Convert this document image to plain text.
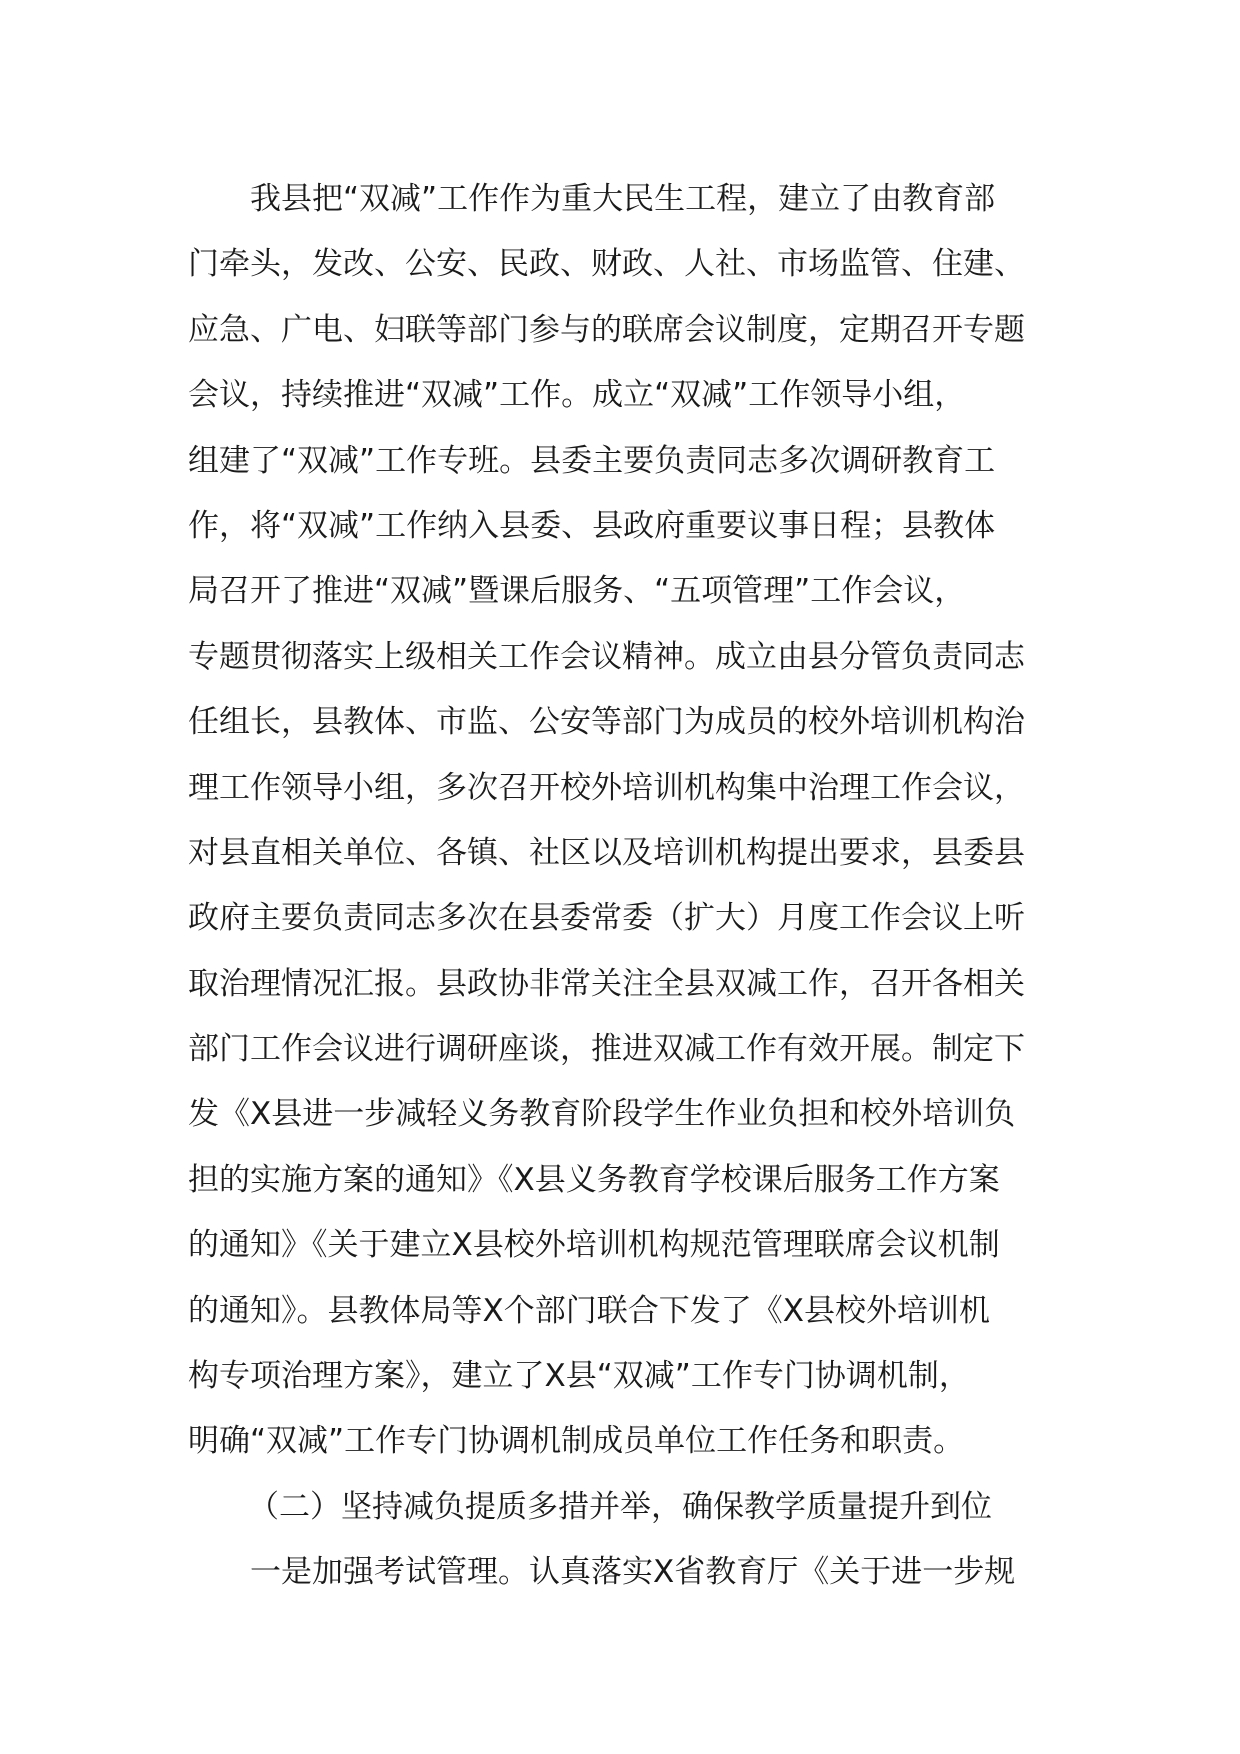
我县把“双减”工作作为重大民生工程，建立了由教育部
门牵头，发改、公安、民政、财政、人社、市场监管、住建、
应急、广电、妇联等部门参与的联席会议制度，定期召开专题
会议，持续推进“双减”工作。成立“双减”工作领导小组，
组建了“双减”工作专班。县委主要负责同志多次调研教育工
作，将“双减”工作纳入县委、县政府重要议事日程；县教体
局召开了推进“双减”暨课后服务、“五项管理”工作会议，
专题贯彻落实上级相关工作会议精神。成立由县分管负责同志
任组长，县教体、市监、公安等部门为成员的校外培训机构治
理工作领导小组，多次召开校外培训机构集中治理工作会议，
对县直相关单位、各镇、社区以及培训机构提出要求，县委县
政府主要负责同志多次在县委常委（扩大）月度工作会议上听
取治理情况汇报。县政协非常关注全县双减工作，召开各相关
部门工作会议进行调研座谈，推进双减工作有效开展。制定下
发《X县进一步减轻义务教育阶段学生作业负担和校外培训负
担的实施方案的通知》《X县义务教育学校课后服务工作方案
的通知》《关于建立X县校外培训机构规范管理联席会议机制
的通知》。县教体局等X个部门联合下发了《X县校外培训机
构专项治理方案》，建立了X县“双减”工作专门协调机制，
明确“双减”工作专门协调机制成员单位工作任务和职责。
（二）坚持减负提质多措并举，确保教学质量提升到位
一是加强考试管理。认真落实X省教育厅《关于进一步规
